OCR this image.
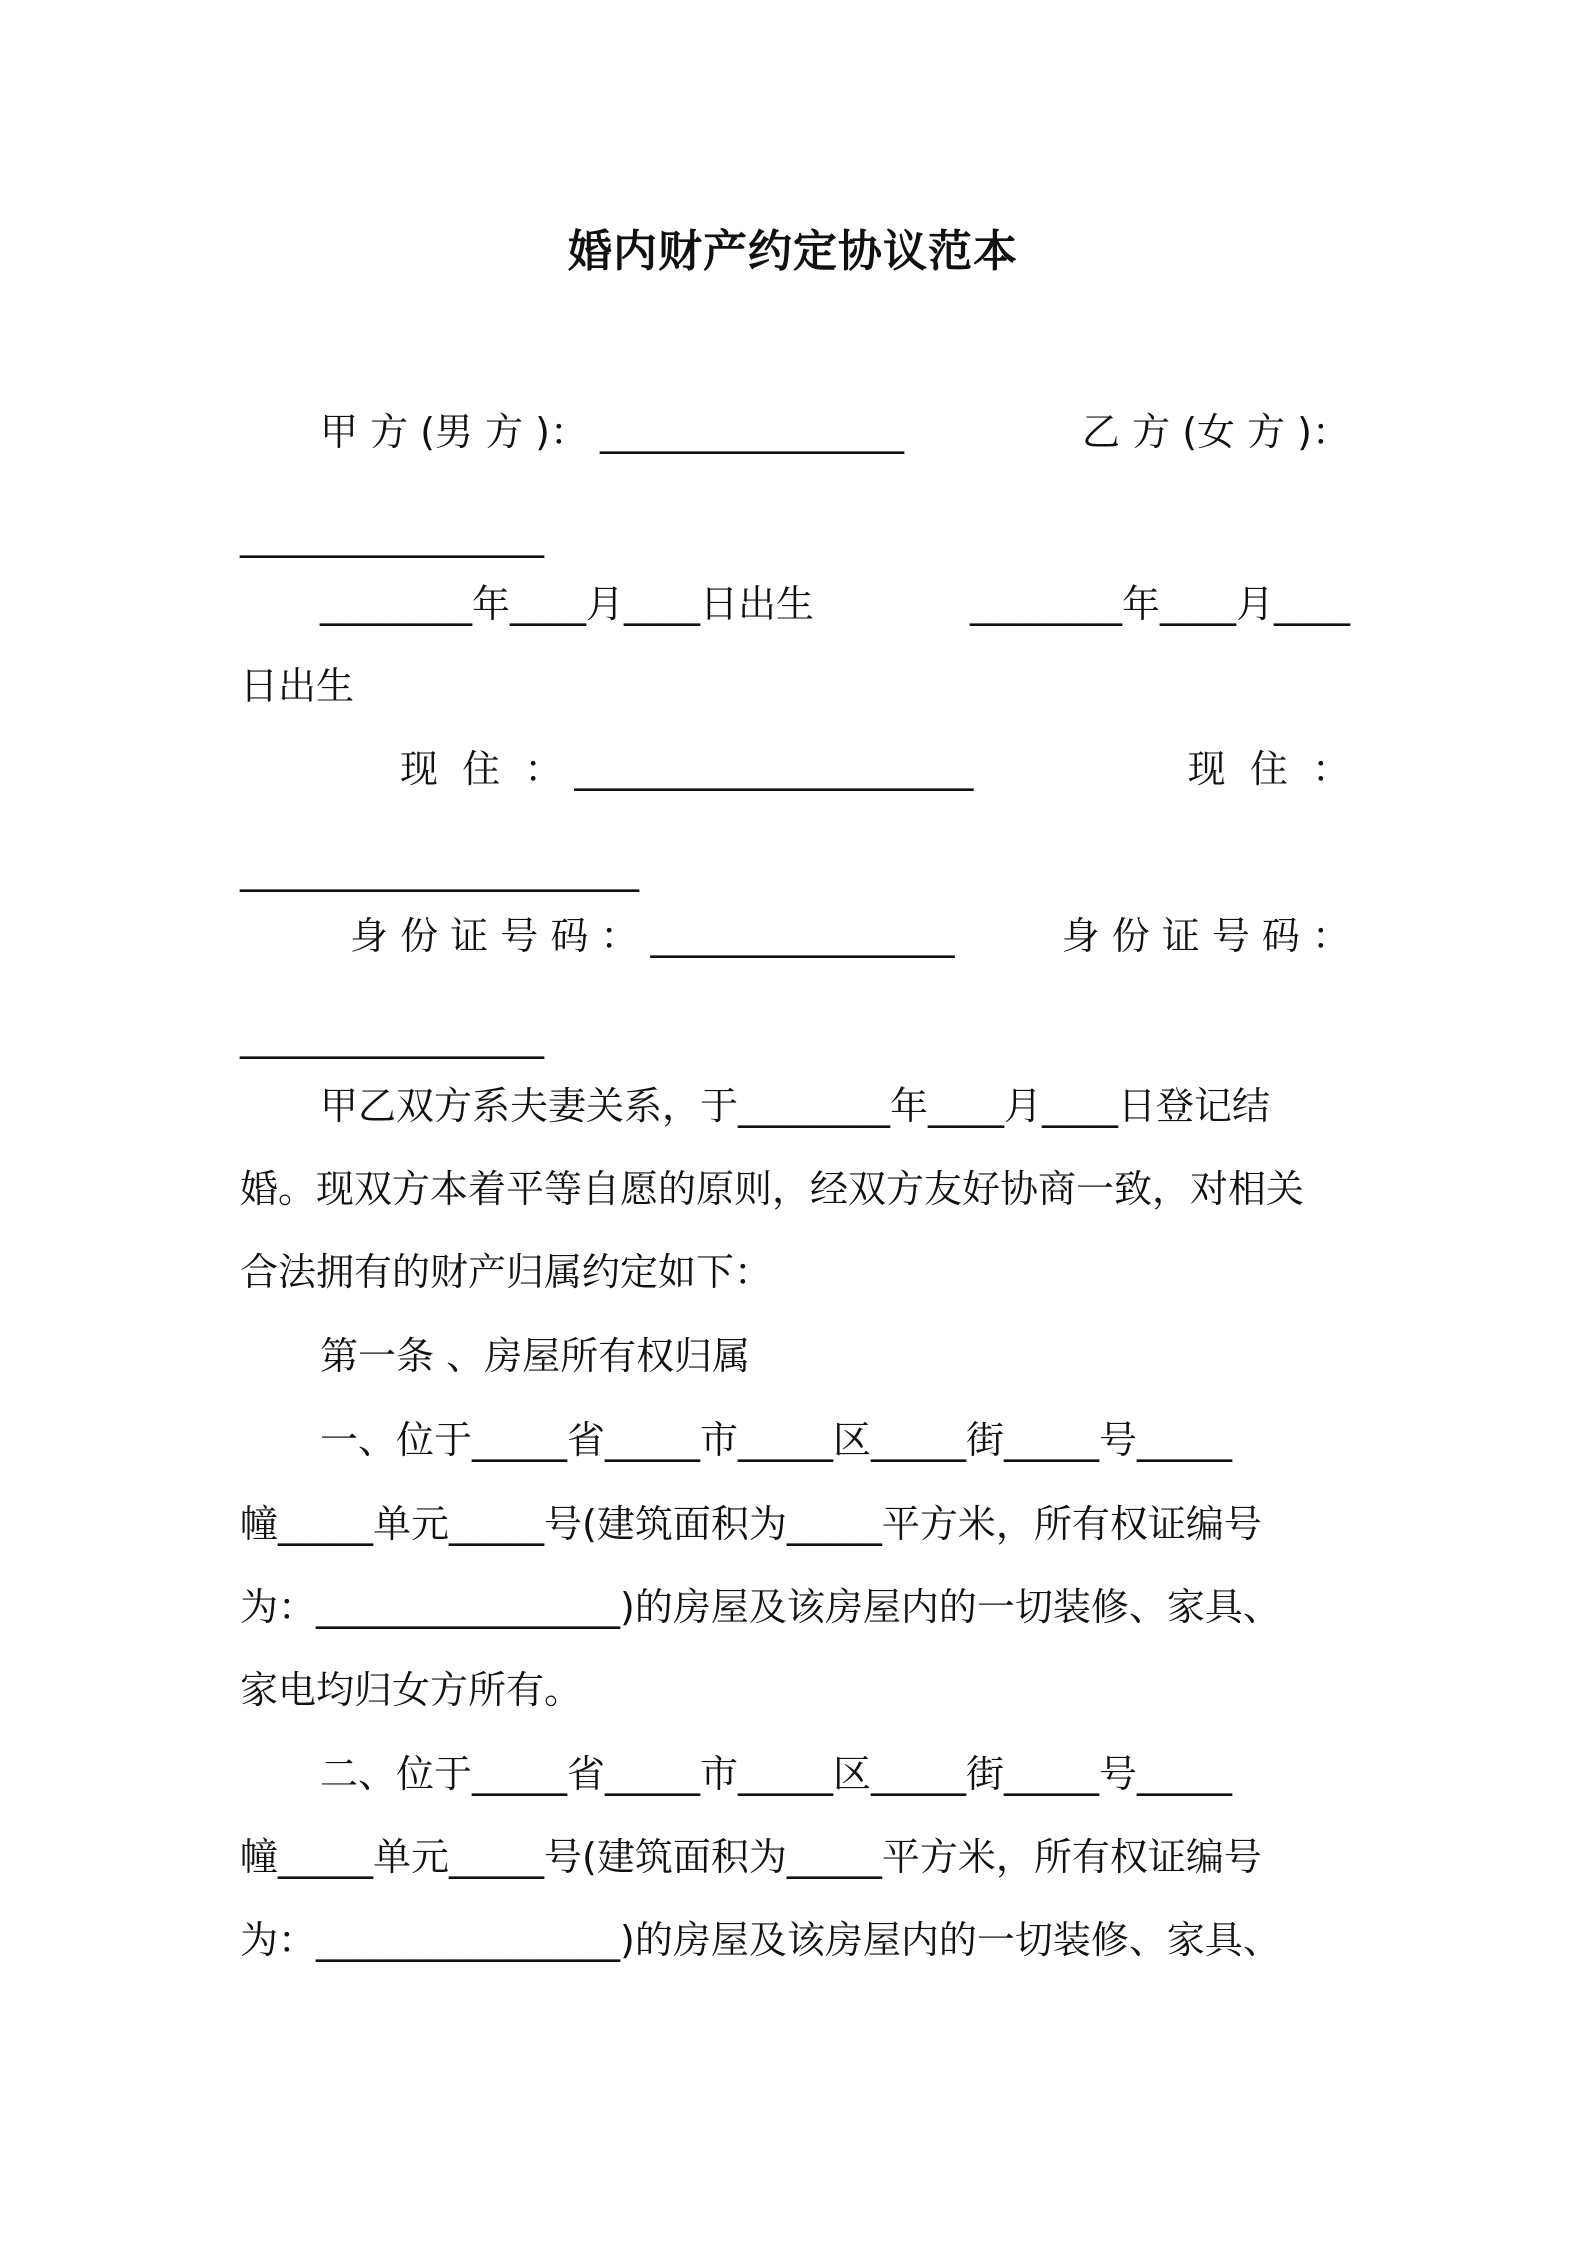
婚内财产约定协议范本
甲 方 (男 方 )： ________________	乙 方 (女 方 )：
________________
________年____月____日出生	________年____月____
日出生
现  住  ： _____________________	现  住  ：
_____________________
身 份 证 号 码 ： ________________	身 份 证 号 码 ：
________________
甲乙双方系夫妻关系，于________年____月____日登记结
婚。现双方本着平等自愿的原则，经双方友好协商一致，对相关
合法拥有的财产归属约定如下：
第一条 、房屋所有权归属
一、位于_____省_____市_____区_____街_____号_____
幢_____单元_____号(建筑面积为_____平方米，所有权证编号
为：________________)的房屋及该房屋内的一切装修、家具、
家电均归女方所有。
二、位于_____省_____市_____区_____街_____号_____
幢_____单元_____号(建筑面积为_____平方米，所有权证编号
为：________________)的房屋及该房屋内的一切装修、家具、
